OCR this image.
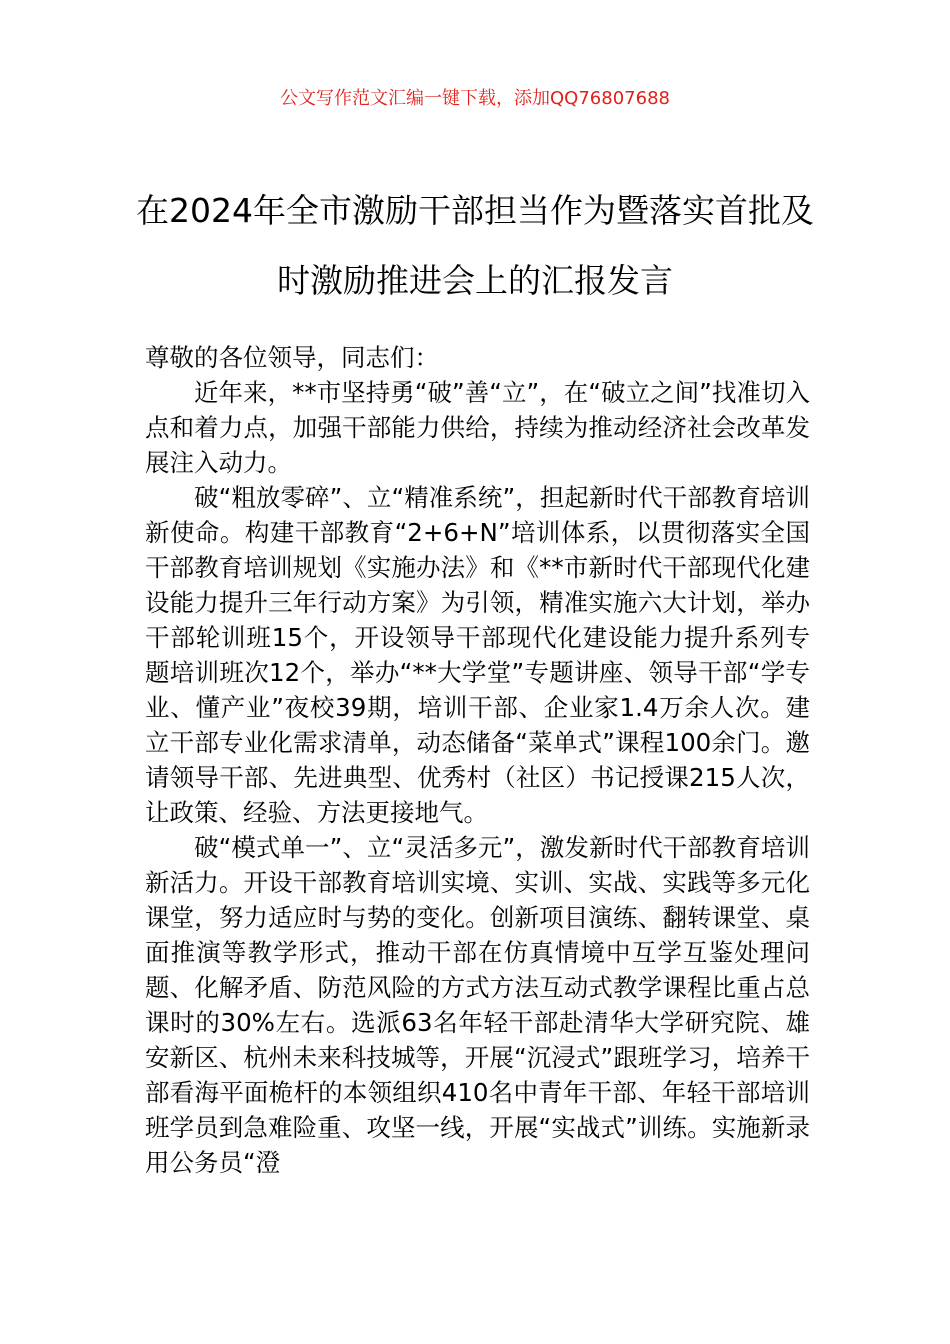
公文写作范文汇编一键下载，添加QQ76807688
在2024年全市激励干部担当作为暨落实首批及时激励推进会上的汇报发言

尊敬的各位领导，同志们：

近年来，**市坚持勇“破”善“立”，在“破立之间”找准切入点和着力点，加强干部能力供给，持续为推动经济社会改革发展注入动力。

破“粗放零碎”、立“精准系统”，担起新时代干部教育培训新使命。构建干部教育“2+6+N”培训体系，以贯彻落实全国干部教育培训规划《实施办法》和《**市新时代干部现代化建设能力提升三年行动方案》为引领，精准实施六大计划，举办干部轮训班15个，开设领导干部现代化建设能力提升系列专题培训班次12个，举办“**大学堂”专题讲座、领导干部“学专业、懂产业”夜校39期，培训干部、企业家1.4万余人次。建立干部专业化需求清单，动态储备“菜单式”课程100余门。邀请领导干部、先进典型、优秀村（社区）书记授课215人次，让政策、经验、方法更接地气。

破“模式单一”、立“灵活多元”，激发新时代干部教育培训新活力。开设干部教育培训实境、实训、实战、实践等多元化课堂，努力适应时与势的变化。创新项目演练、翻转课堂、桌面推演等教学形式，推动干部在仿真情境中互学互鉴处理问题、化解矛盾、防范风险的方式方法互动式教学课程比重占总课时的30%左右。选派63名年轻干部赴清华大学研究院、雄安新区、杭州未来科技城等，开展“沉浸式”跟班学习，培养干部看海平面桅杆的本领组织410名中青年干部、年轻干部培训班学员到急难险重、攻坚一线，开展“实战式”训练。实施新录用公务员“澄
